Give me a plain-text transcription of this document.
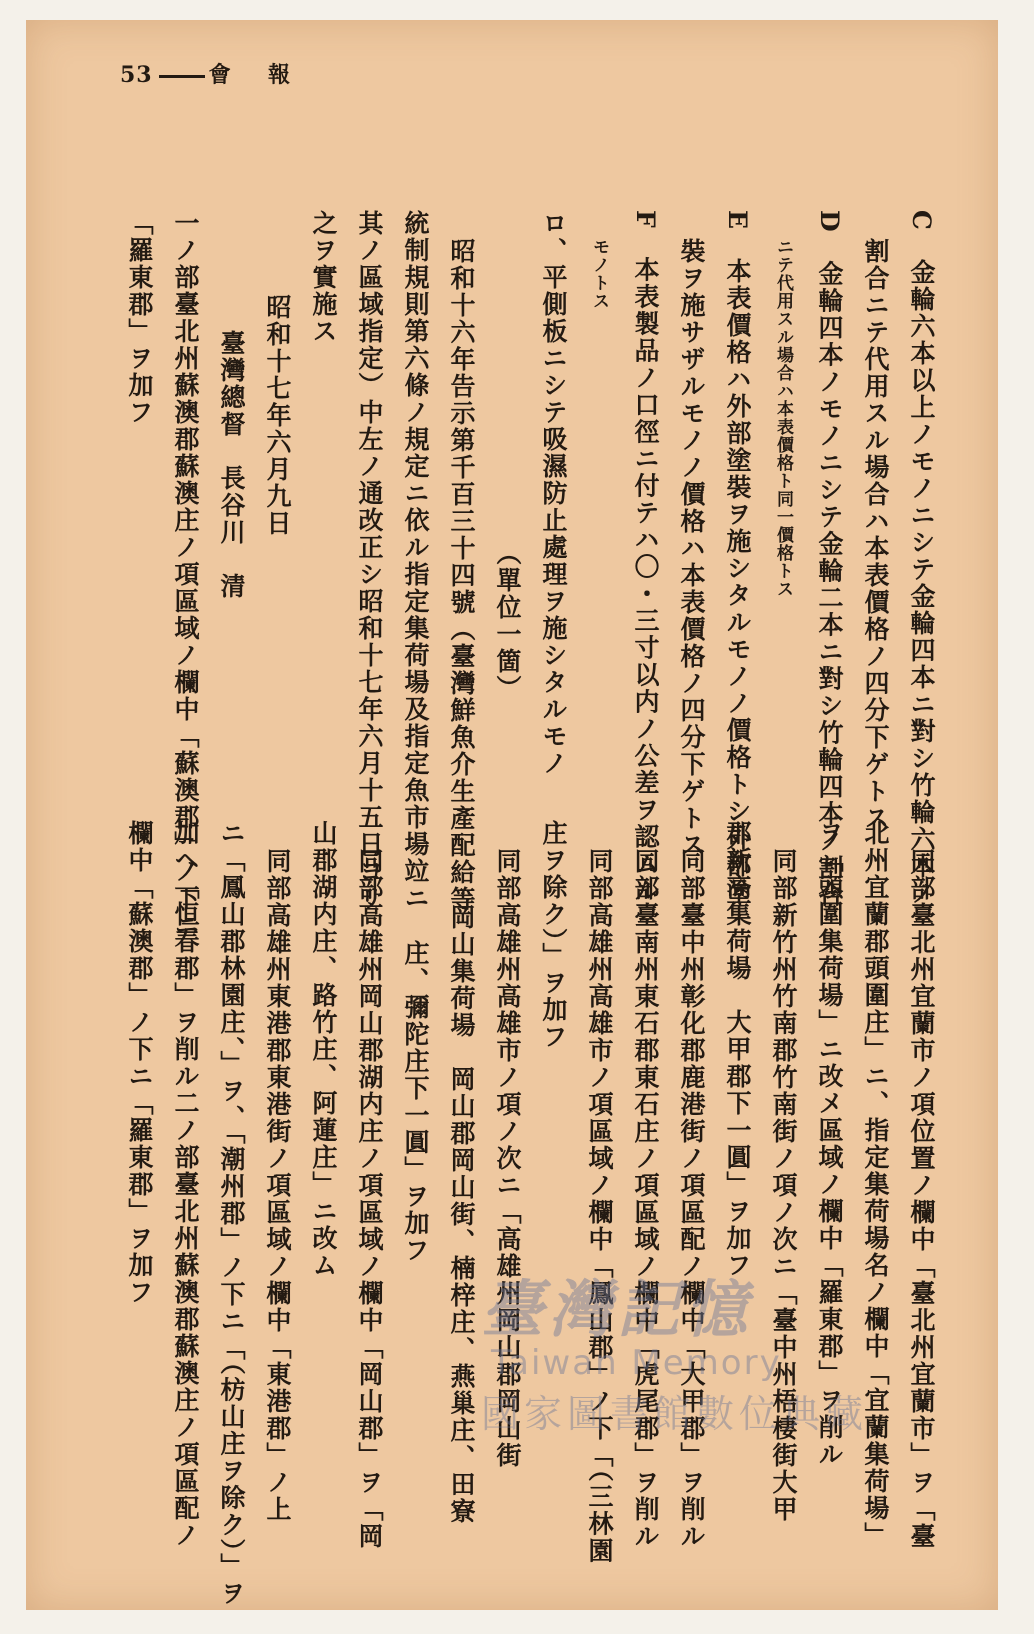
53	會 報
C　金輪六本以上ノモノニシテ金輪四本ニ對シ竹輪六本ノ
割合ニテ代用スル場合ハ本表價格ノ四分下ゲトス
D　金輪四本ノモノニシテ金輪二本ニ對シ竹輪四本ノ割合
ニテ代用スル場合ハ本表價格ト同一價格トス
E　本表價格ハ外部塗裝ヲ施シタルモノノ價格トシ外部塗
裝ヲ施サザルモノノ價格ハ本表價格ノ四分下ゲトス
F　本表製品ノ口徑ニ付テハ〇・三寸以内ノ公差ヲ認ムル
モノトス
ロ、平側板ニシテ吸濕防止處理ヲ施シタルモノ
（單位一箇）
昭和十六年告示第千百三十四號（臺灣鮮魚介生產配給等
統制規則第六條ノ規定ニ依ル指定集荷場及指定魚市場竝ニ
其ノ區域指定）中左ノ通改正シ昭和十七年六月十五日ヨリ
之ヲ實施ス
昭和十七年六月九日
臺灣總督　長谷川　清
一ノ部臺北州蘇澳郡蘇澳庄ノ項區域ノ欄中「蘇澳郡」ノ下ニ
「羅東郡」ヲ加フ
同部臺北州宜蘭市ノ項位置ノ欄中「臺北州宜蘭市」ヲ「臺
北州宜蘭郡頭圍庄」ニ、指定集荷場名ノ欄中「宜蘭集荷場」
ヲ「頭圍集荷場」ニ改メ區域ノ欄中「羅東郡」ヲ削ル
同部新竹州竹南郡竹南街ノ項ノ次ニ「臺中州梧棲街大甲
郡新高集荷場　大甲郡下一圓」ヲ加フ
同部臺中州彰化郡鹿港街ノ項區配ノ欄中「大甲郡」ヲ削ル
同部臺南州東石郡東石庄ノ項區域ノ欄中「虎尾郡」ヲ削ル
同部高雄州高雄市ノ項區域ノ欄中「鳳山郡」ノ下「（三林園
庄ヲ除ク）」ヲ加フ
同部高雄州高雄市ノ項ノ次ニ「高雄州岡山郡岡山街
岡山集荷場　岡山郡岡山街、楠梓庄、燕巢庄、田寮
庄、彌陀庄下一圓」ヲ加フ
同部高雄州岡山郡湖内庄ノ項區域ノ欄中「岡山郡」ヲ「岡
山郡湖内庄、路竹庄、阿蓮庄」ニ改ム
同部高雄州東港郡東港街ノ項區域ノ欄中「東港郡」ノ上
ニ「鳳山郡林園庄、」ヲ、「潮州郡」ノ下ニ「（枋山庄ヲ除ク）」ヲ
加ヘ「恒春郡」ヲ削ル二ノ部臺北州蘇澳郡蘇澳庄ノ項區配ノ
欄中「蘇澳郡」ノ下ニ「羅東郡」ヲ加フ
臺灣記憶
Taiwan Memory
國家圖書館數位典藏
